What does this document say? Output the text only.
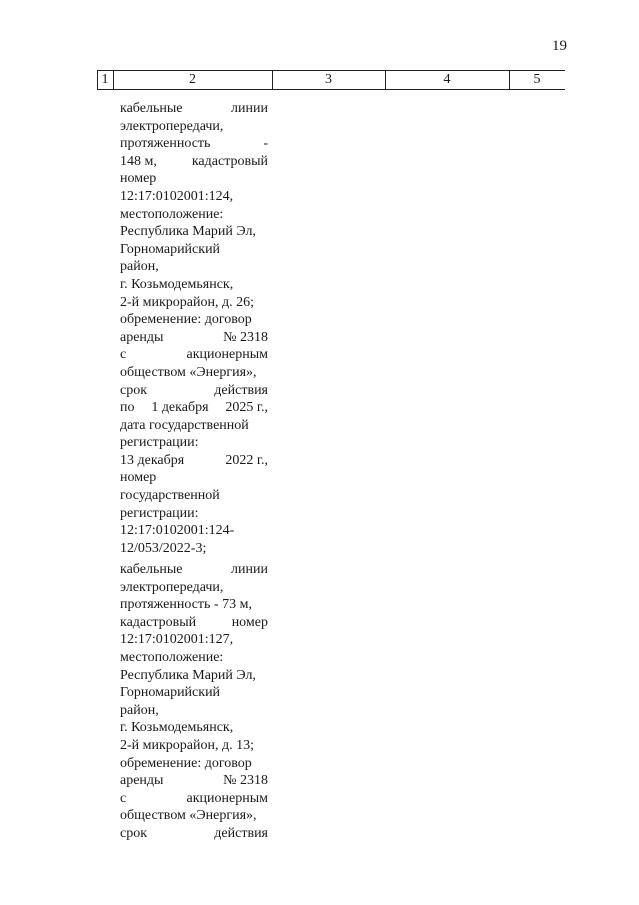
19
1	2	3	4	5
кабельные	линии
электропередачи,
протяженность	-
148 м, кадастровый
номер
12:17:0102001:124,
местоположение:
Республика Марий Эл,
Горномарийский
район,
г. Козьмодемьянск,
2-й микрорайон, д. 26;
обременение: договор
аренды	№ 2318
с	акционерным
обществом «Энергия»,
срок	действия
по 1 декабря 2025 г.,
дата государственной
регистрации:
13 декабря	2022 г.,
номер
государственной
регистрации:
12:17:0102001:124-
12/053/2022-3;
кабельные	линии
электропередачи,
протяженность - 73 м,
кадастровый	номер
12:17:0102001:127,
местоположение:
Республика Марий Эл,
Горномарийский
район,
г. Козьмодемьянск,
2-й микрорайон, д. 13;
обременение: договор
аренды	№ 2318
с	акционерным
обществом «Энергия»,
срок	действия
